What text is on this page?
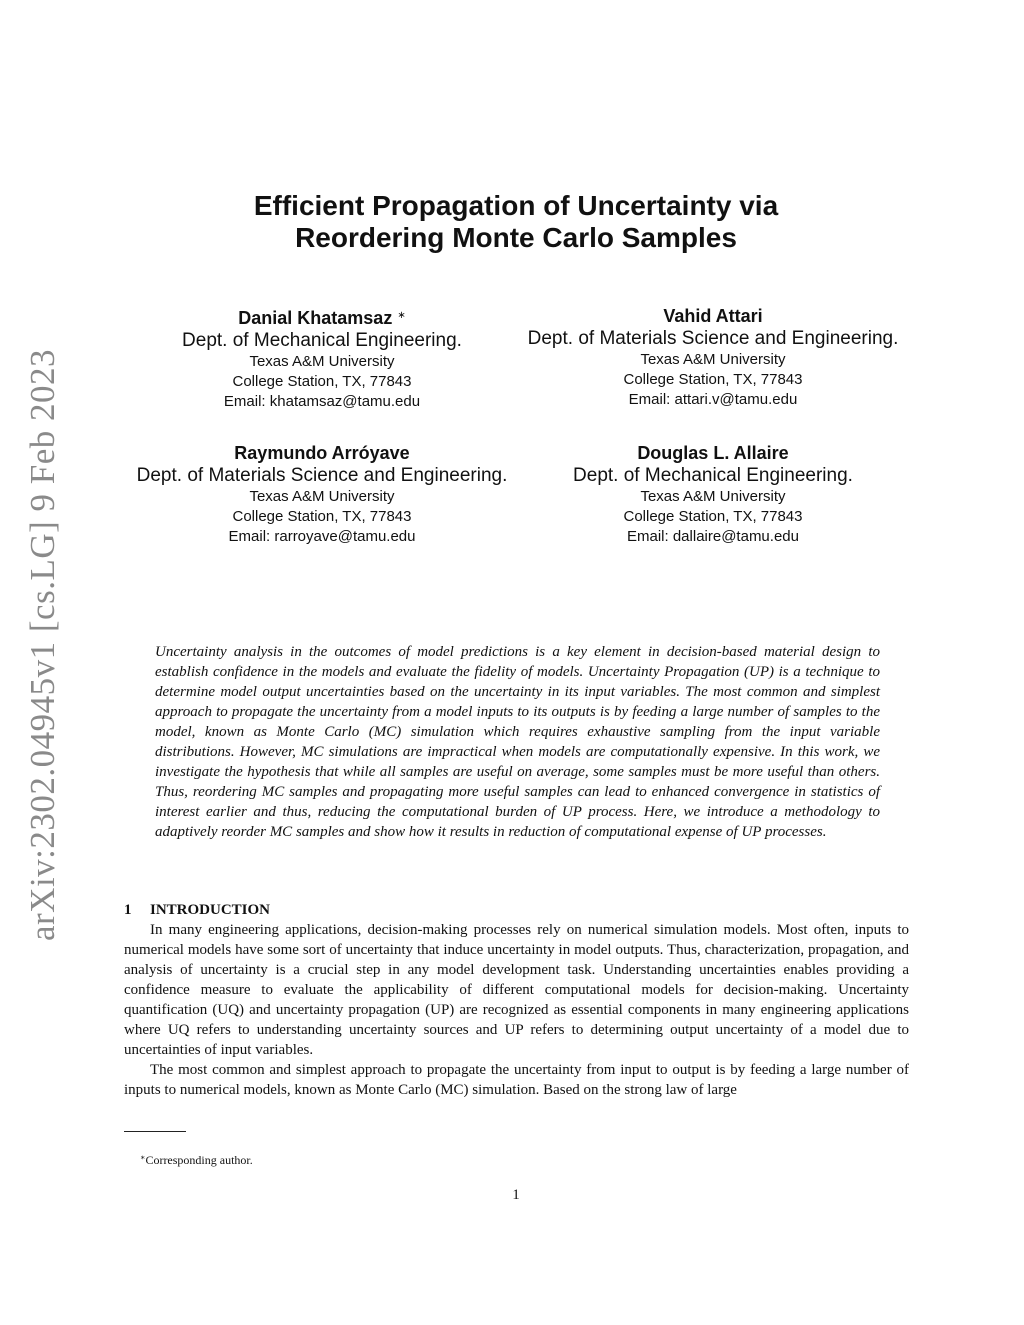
arXiv:2302.04945v1 [cs.LG] 9 Feb 2023
Efficient Propagation of Uncertainty via
Reordering Monte Carlo Samples
Danial Khatamsaz ∗
Dept. of Mechanical Engineering.
Texas A&M University
College Station, TX, 77843
Email: khatamsaz@tamu.edu
Vahid Attari
Dept. of Materials Science and Engineering.
Texas A&M University
College Station, TX, 77843
Email: attari.v@tamu.edu
Raymundo Arróyave
Dept. of Materials Science and Engineering.
Texas A&M University
College Station, TX, 77843
Email: rarroyave@tamu.edu
Douglas L. Allaire
Dept. of Mechanical Engineering.
Texas A&M University
College Station, TX, 77843
Email: dallaire@tamu.edu

Uncertainty analysis in the outcomes of model predictions is a key element in decision-based material design to establish confidence in the models and evaluate the fidelity of models. Uncertainty Propagation (UP) is a technique to determine model output uncertainties based on the uncertainty in its input variables. The most common and simplest approach to propagate the uncertainty from a model inputs to its outputs is by feeding a large number of samples to the model, known as Monte Carlo (MC) simulation which requires exhaustive sampling from the input variable distributions. However, MC simulations are impractical when models are computationally expensive. In this work, we investigate the hypothesis that while all samples are useful on average, some samples must be more useful than others. Thus, reordering MC samples and propagating more useful samples can lead to enhanced convergence in statistics of interest earlier and thus, reducing the computational burden of UP process. Here, we introduce a methodology to adaptively reorder MC samples and show how it results in reduction of computational expense of UP processes.

1 INTRODUCTION

In many engineering applications, decision-making processes rely on numerical simulation models. Most often, inputs to numerical models have some sort of uncertainty that induce uncertainty in model outputs. Thus, characterization, propagation, and analysis of uncertainty is a crucial step in any model development task. Understanding uncertainties enables providing a confidence measure to evaluate the applicability of different computational models for decision-making. Uncertainty quantification (UQ) and uncertainty propagation (UP) are recognized as essential components in many engineering applications where UQ refers to understanding uncertainty sources and UP refers to determining output uncertainty of a model due to uncertainties of input variables.

The most common and simplest approach to propagate the uncertainty from input to output is by feeding a large number of inputs to numerical models, known as Monte Carlo (MC) simulation. Based on the strong law of large

∗Corresponding author.
1
